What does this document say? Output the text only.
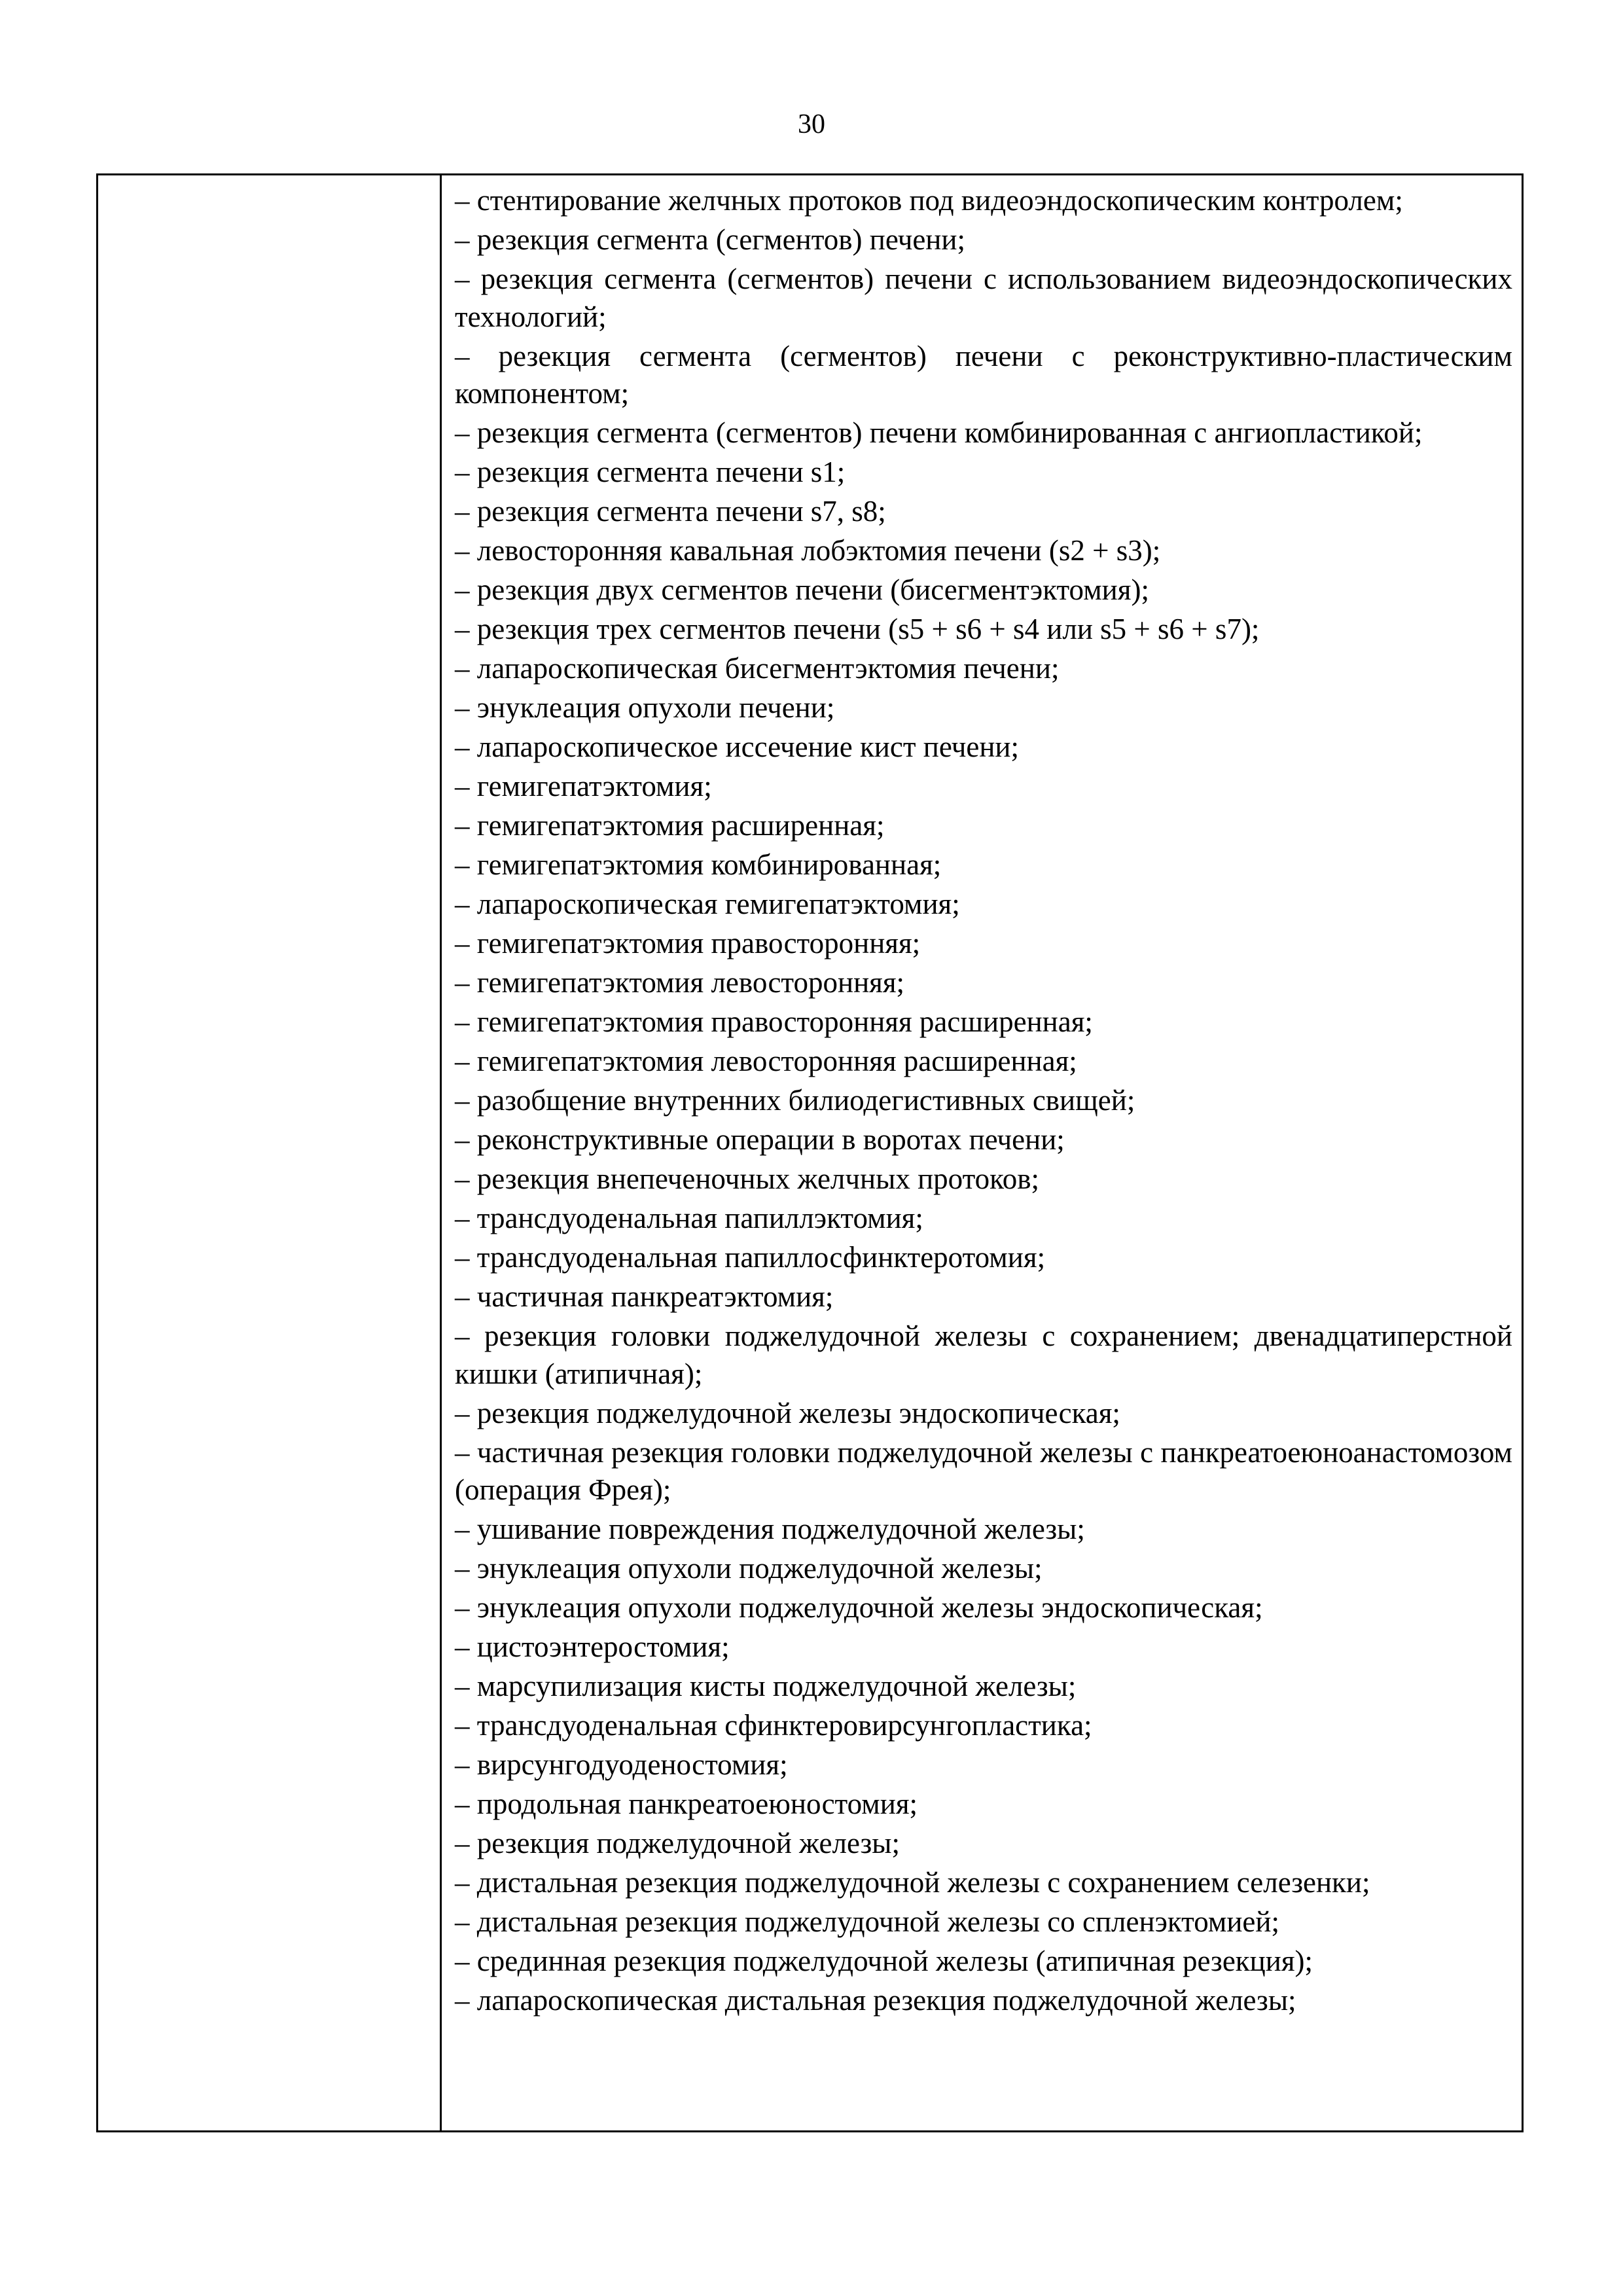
30
– стентирование желчных протоков под видеоэндоскопическим контролем;
– резекция сегмента (сегментов) печени;
– резекция сегмента (сегментов) печени с использованием видеоэндоскопических технологий;
– резекция сегмента (сегментов) печени с реконструктивно-пластическим компонентом;
– резекция сегмента (сегментов) печени комбинированная с ангиопластикой;
– резекция сегмента печени s1;
– резекция сегмента печени s7, s8;
– левосторонняя кавальная лобэктомия печени (s2 + s3);
– резекция двух сегментов печени (бисегментэктомия);
– резекция трех сегментов печени (s5 + s6 + s4 или s5 + s6 + s7);
– лапароскопическая бисегментэктомия печени;
– энуклеация опухоли печени;
– лапароскопическое иссечение кист печени;
– гемигепатэктомия;
– гемигепатэктомия расширенная;
– гемигепатэктомия комбинированная;
– лапароскопическая гемигепатэктомия;
– гемигепатэктомия правосторонняя;
– гемигепатэктомия левосторонняя;
– гемигепатэктомия правосторонняя расширенная;
– гемигепатэктомия левосторонняя расширенная;
– разобщение внутренних билиодегистивных свищей;
– реконструктивные операции в воротах печени;
– резекция внепеченочных желчных протоков;
– трансдуоденальная папиллэктомия;
– трансдуоденальная папиллосфинктеротомия;
– частичная панкреатэктомия;
– резекция головки поджелудочной железы с сохранением; двенадцатиперстной кишки (атипичная);
– резекция поджелудочной железы эндоскопическая;
– частичная резекция головки поджелудочной железы с панкреатоеюноанастомозом (операция Фрея);
– ушивание повреждения поджелудочной железы;
– энуклеация опухоли поджелудочной железы;
– энуклеация опухоли поджелудочной железы эндоскопическая;
– цистоэнтеростомия;
– марсупилизация кисты поджелудочной железы;
– трансдуоденальная сфинктеровирсунгопластика;
– вирсунгодуоденостомия;
– продольная панкреатоеюностомия;
– резекция поджелудочной железы;
– дистальная резекция поджелудочной железы с сохранением селезенки;
– дистальная резекция поджелудочной железы со спленэктомией;
– срединная резекция поджелудочной железы (атипичная резекция);
– лапароскопическая дистальная резекция поджелудочной железы;
